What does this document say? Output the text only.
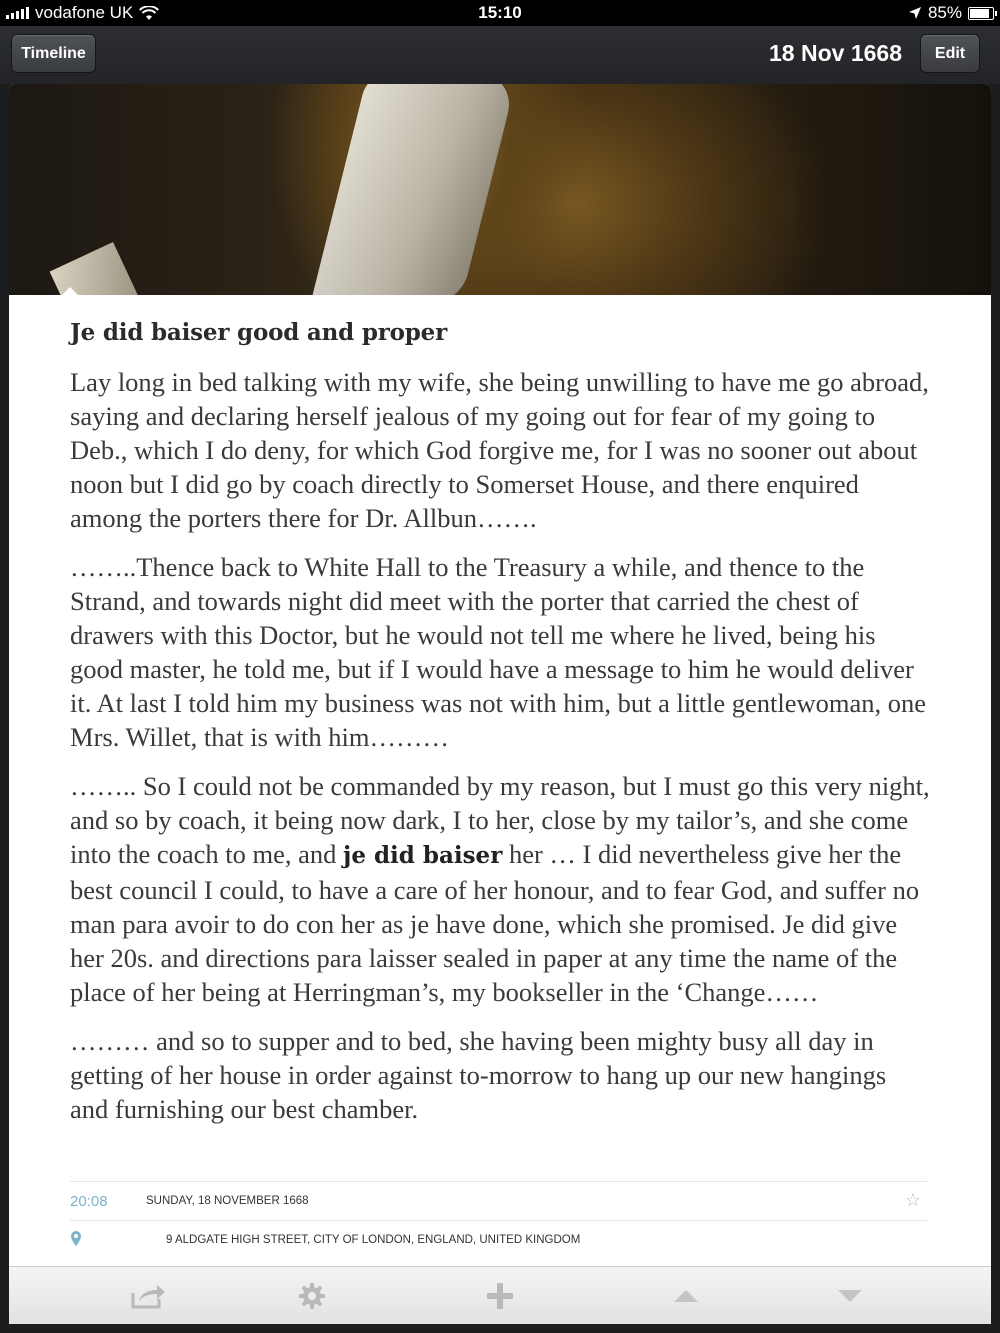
vodafone UK	15:10	85%
Timeline	18 Nov 1668	Edit
Je did baiser good and proper

Lay long in bed talking with my wife, she being unwilling to have me go abroad, saying and declaring herself jealous of my going out for fear of my going to Deb., which I do deny, for which God forgive me, for I was no sooner out about noon but I did go by coach directly to Somerset House, and there enquired among the porters there for Dr. Allbun…….

……..Thence back to White Hall to the Treasury a while, and thence to the Strand, and towards night did meet with the porter that carried the chest of drawers with this Doctor, but he would not tell me where he lived, being his good master, he told me, but if I would have a message to him he would deliver it. At last I told him my business was not with him, but a little gentlewoman, one Mrs. Willet, that is with him………

…….. So I could not be commanded by my reason, but I must go this very night, and so by coach, it being now dark, I to her, close by my tailor’s, and she come into the coach to me, and je did baiser her … I did nevertheless give her the best council I could, to have a care of her honour, and to fear God, and suffer no man para avoir to do con her as je have done, which she promised. Je did give her 20s. and directions para laisser sealed in paper at any time the name of the place of her being at Herringman’s, my bookseller in the ‘Change……

……… and so to supper and to bed, she having been mighty busy all day in getting of her house in order against to-morrow to hang up our new hangings and furnishing our best chamber.

20:08	SUNDAY, 18 NOVEMBER 1668	☆
9 ALDGATE HIGH STREET, CITY OF LONDON, ENGLAND, UNITED KINGDOM
